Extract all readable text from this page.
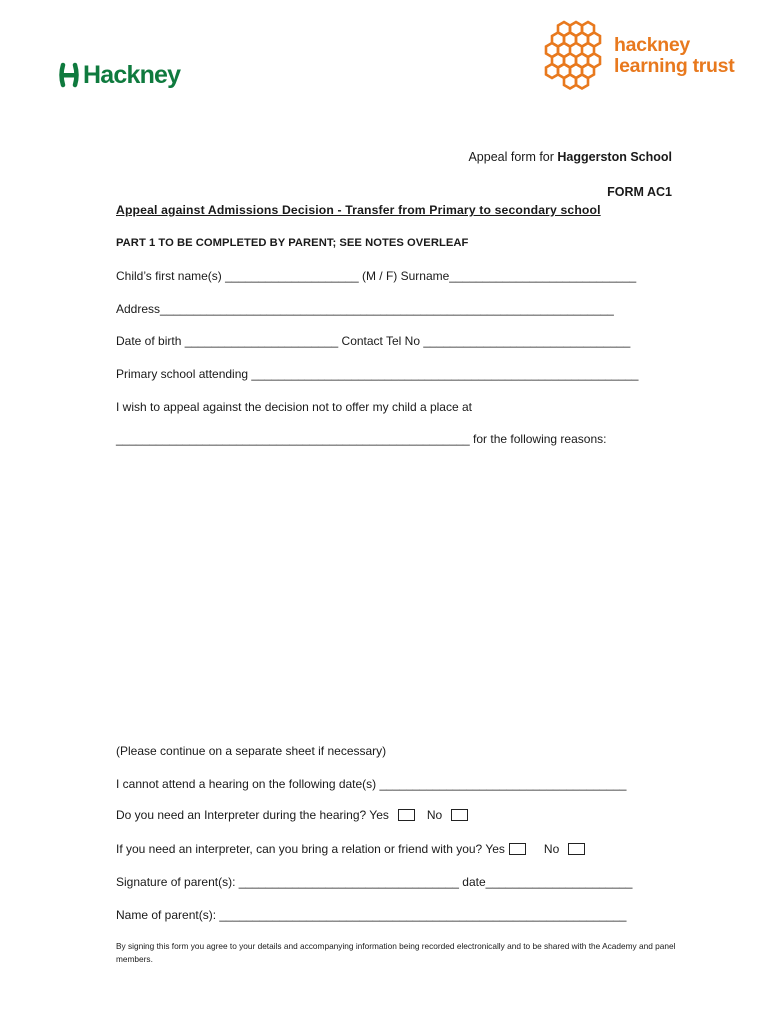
Hackney
hackney
learning trust
Appeal form for Haggerston School
FORM AC1
Appeal against Admissions Decision - Transfer from Primary to secondary school
PART 1 TO BE COMPLETED BY PARENT; SEE NOTES OVERLEAF
Child’s first name(s) ____________________ (M / F) Surname____________________________
Address____________________________________________________________________
Date of birth _______________________ Contact Tel No _______________________________
Primary school attending __________________________________________________________
I wish to appeal against the decision not to offer my child a place at
_____________________________________________________ for the following reasons:
(Please continue on a separate sheet if necessary)
I cannot attend a hearing on the following date(s) _____________________________________
Do you need an Interpreter during the hearing? Yes	No
If you need an interpreter, can you bring a relation or friend with you? Yes	No
Signature of parent(s): _________________________________ date______________________
Name of parent(s): _____________________________________________________________
By signing this form you agree to your details and accompanying information being recorded electronically and to be shared with the Academy and panel members.
